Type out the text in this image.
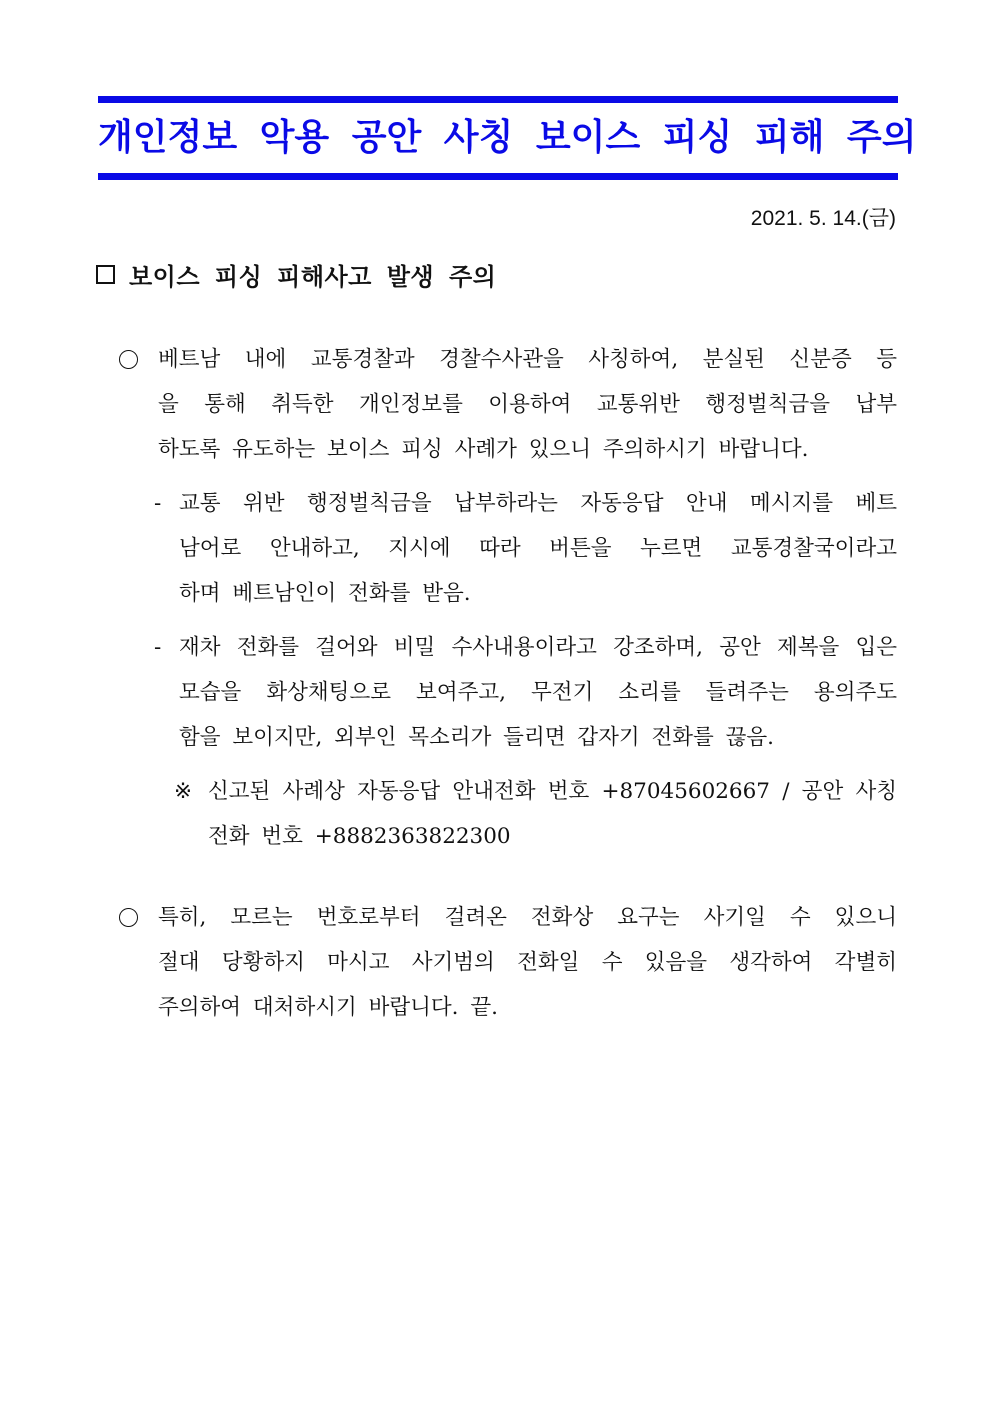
개인정보 악용 공안 사칭 보이스 피싱 피해 주의
2021. 5. 14.(금)
보이스 피싱 피해사고 발생 주의
베트남 내에 교통경찰과 경찰수사관을 사칭하여, 분실된 신분증 등
을 통해 취득한 개인정보를 이용하여 교통위반 행정벌칙금을 납부
하도록 유도하는 보이스 피싱 사례가 있으니 주의하시기 바랍니다.
- 교통 위반 행정벌칙금을 납부하라는 자동응답 안내 메시지를 베트
남어로 안내하고, 지시에 따라 버튼을 누르면 교통경찰국이라고
하며 베트남인이 전화를 받음.
- 재차 전화를 걸어와 비밀 수사내용이라고 강조하며, 공안 제복을 입은
모습을 화상채팅으로 보여주고, 무전기 소리를 들려주는 용의주도
함을 보이지만, 외부인 목소리가 들리면 갑자기 전화를 끊음.
※ 신고된 사례상 자동응답 안내전화 번호 +87045602667 / 공안 사칭
전화 번호 +8882363822300
특히, 모르는 번호로부터 걸려온 전화상 요구는 사기일 수 있으니
절대 당황하지 마시고 사기범의 전화일 수 있음을 생각하여 각별히
주의하여 대처하시기 바랍니다. 끝.
